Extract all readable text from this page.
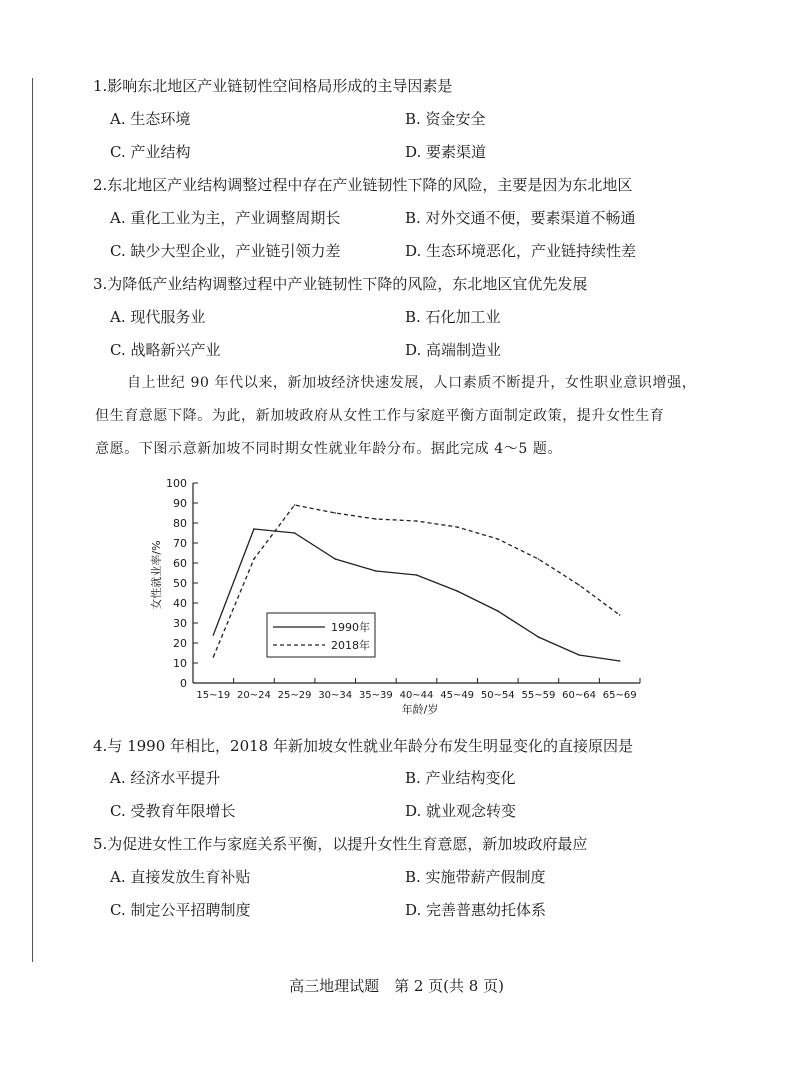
1.影响东北地区产业链韧性空间格局形成的主导因素是
A. 生态环境	B. 资金安全
C. 产业结构	D. 要素渠道
2.东北地区产业结构调整过程中存在产业链韧性下降的风险，主要是因为东北地区
A. 重化工业为主，产业调整周期长	B. 对外交通不便，要素渠道不畅通
C. 缺少大型企业，产业链引领力差	D. 生态环境恶化，产业链持续性差
3.为降低产业结构调整过程中产业链韧性下降的风险，东北地区宜优先发展
A. 现代服务业	B. 石化加工业
C. 战略新兴产业	D. 高端制造业
自上世纪 90 年代以来，新加坡经济快速发展，人口素质不断提升，女性职业意识增强，
但生育意愿下降。为此，新加坡政府从女性工作与家庭平衡方面制定政策，提升女性生育
意愿。下图示意新加坡不同时期女性就业年龄分布。据此完成 4～5 题。
0
10
20
30
40
50
60
70
80
90
100
15~19 20~24 25~29 30~34 35~39 40~44 45~49 50~54 55~59 60~64 65~69
1990年
2018年
女性就业率/%
年龄/岁
4.与 1990 年相比，2018 年新加坡女性就业年龄分布发生明显变化的直接原因是
A. 经济水平提升	B. 产业结构变化
C. 受教育年限增长	D. 就业观念转变
5.为促进女性工作与家庭关系平衡，以提升女性生育意愿，新加坡政府最应
A. 直接发放生育补贴	B. 实施带薪产假制度
C. 制定公平招聘制度	D. 完善普惠幼托体系
高三地理试题　第 2 页(共 8 页)
